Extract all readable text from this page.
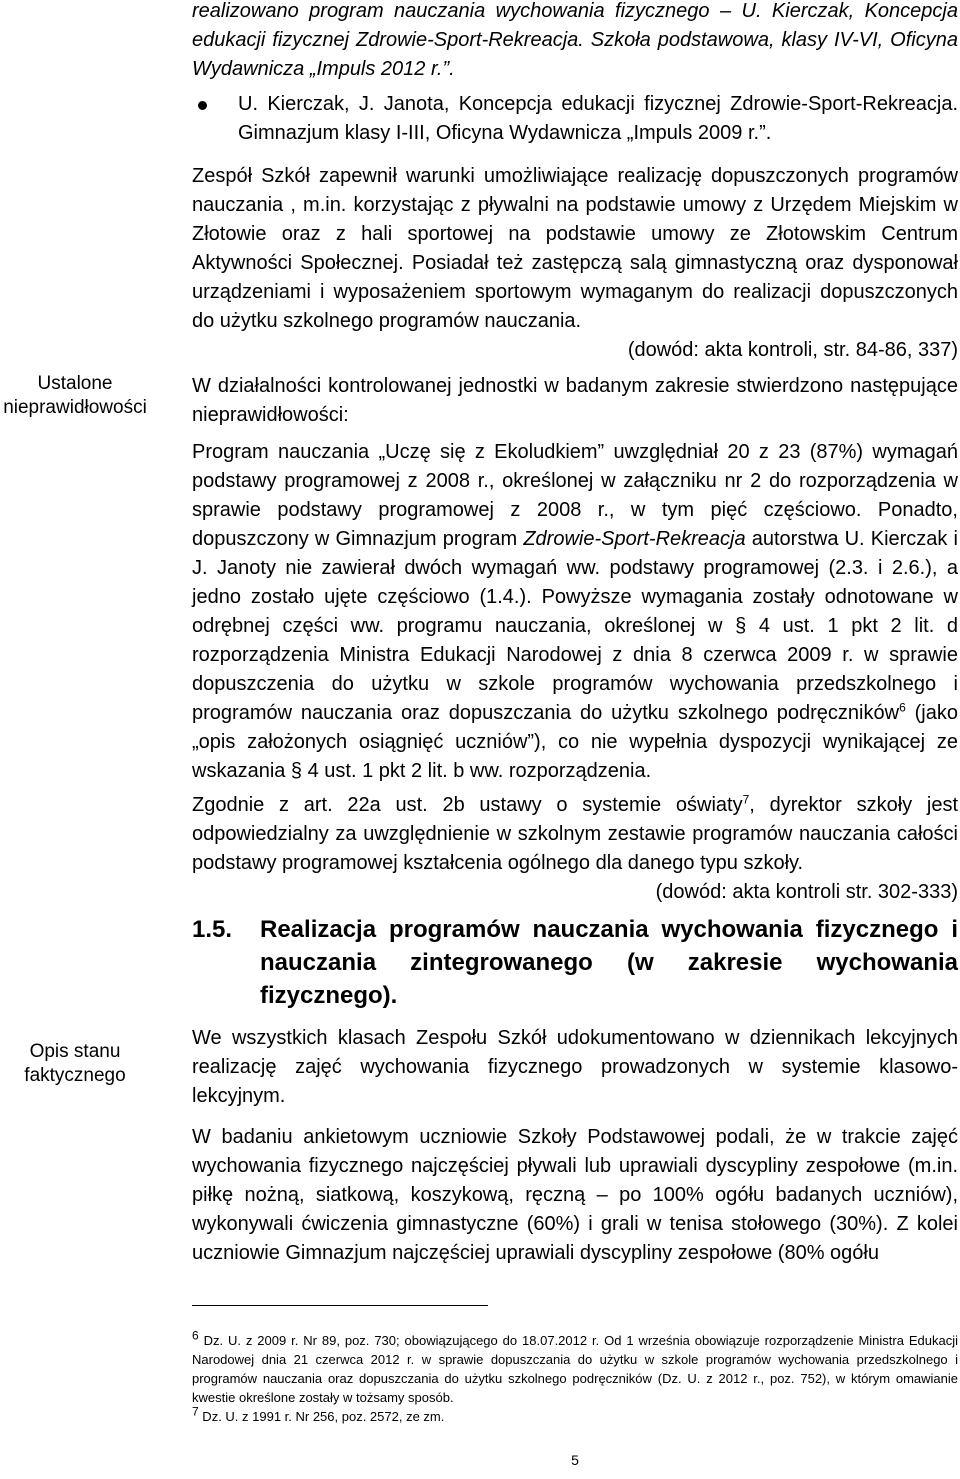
Ustalone nieprawidłowości
Opis stanu faktycznego

realizowano program nauczania wychowania fizycznego – U. Kierczak, Koncepcja edukacji fizycznej Zdrowie-Sport-Rekreacja. Szkoła podstawowa, klasy IV-VI, Oficyna Wydawnicza „Impuls 2012 r.”.

U. Kierczak, J. Janota, Koncepcja edukacji fizycznej Zdrowie-Sport-Rekreacja. Gimnazjum klasy I-III, Oficyna Wydawnicza „Impuls 2009 r.”.

Zespół Szkół zapewnił warunki umożliwiające realizację dopuszczonych programów nauczania , m.in. korzystając z pływalni na podstawie umowy z Urzędem Miejskim w Złotowie oraz z hali sportowej na podstawie umowy ze Złotowskim Centrum Aktywności Społecznej. Posiadał też zastępczą salą gimnastyczną oraz dysponował urządzeniami i wyposażeniem sportowym wymaganym do realizacji dopuszczonych do użytku szkolnego programów nauczania.

(dowód: akta kontroli, str. 84-86, 337)

W działalności kontrolowanej jednostki w badanym zakresie stwierdzono następujące nieprawidłowości:

Program nauczania „Uczę się z Ekoludkiem” uwzględniał 20 z 23 (87%) wymagań podstawy programowej z 2008 r., określonej w załączniku nr 2 do rozporządzenia w sprawie podstawy programowej z 2008 r., w tym pięć częściowo. Ponadto, dopuszczony w Gimnazjum program Zdrowie-Sport-Rekreacja autorstwa U. Kierczak i J. Janoty nie zawierał dwóch wymagań ww. podstawy programowej (2.3. i 2.6.), a jedno zostało ujęte częściowo (1.4.). Powyższe wymagania zostały odnotowane w odrębnej części ww. programu nauczania, określonej w § 4 ust. 1 pkt 2 lit. d rozporządzenia Ministra Edukacji Narodowej z dnia 8 czerwca 2009 r. w sprawie dopuszczenia do użytku w szkole programów wychowania przedszkolnego i programów nauczania oraz dopuszczania do użytku szkolnego podręczników$^6$ (jako „opis założonych osiągnięć uczniów”), co nie wypełnia dyspozycji wynikającej ze wskazania § 4 ust. 1 pkt 2 lit. b ww. rozporządzenia.

Zgodnie z art. 22a ust. 2b ustawy o systemie oświaty$^7$, dyrektor szkoły jest odpowiedzialny za uwzględnienie w szkolnym zestawie programów nauczania całości podstawy programowej kształcenia ogólnego dla danego typu szkoły.

(dowód: akta kontroli str. 302-333)

1.5. Realizacja programów nauczania wychowania fizycznego i nauczania zintegrowanego (w zakresie wychowania fizycznego).

We wszystkich klasach Zespołu Szkół udokumentowano w dziennikach lekcyjnych realizację zajęć wychowania fizycznego prowadzonych w systemie klasowo-lekcyjnym.

W badaniu ankietowym uczniowie Szkoły Podstawowej podali, że w trakcie zajęć wychowania fizycznego najczęściej pływali lub uprawiali dyscypliny zespołowe (m.in. piłkę nożną, siatkową, koszykową, ręczną – po 100% ogółu badanych uczniów), wykonywali ćwiczenia gimnastyczne (60%) i grali w tenisa stołowego (30%). Z kolei uczniowie Gimnazjum najczęściej uprawiali dyscypliny zespołowe (80% ogółu

$^6$ Dz. U. z 2009 r. Nr 89, poz. 730; obowiązującego do 18.07.2012 r. Od 1 września obowiązuje rozporządzenie Ministra Edukacji Narodowej dnia 21 czerwca 2012 r. w sprawie dopuszczania do użytku w szkole programów wychowania przedszkolnego i programów nauczania oraz dopuszczania do użytku szkolnego podręczników (Dz. U. z 2012 r., poz. 752), w którym omawianie kwestie określone zostały w tożsamy sposób.

$^7$ Dz. U. z 1991 r. Nr 256, poz. 2572, ze zm.

5
